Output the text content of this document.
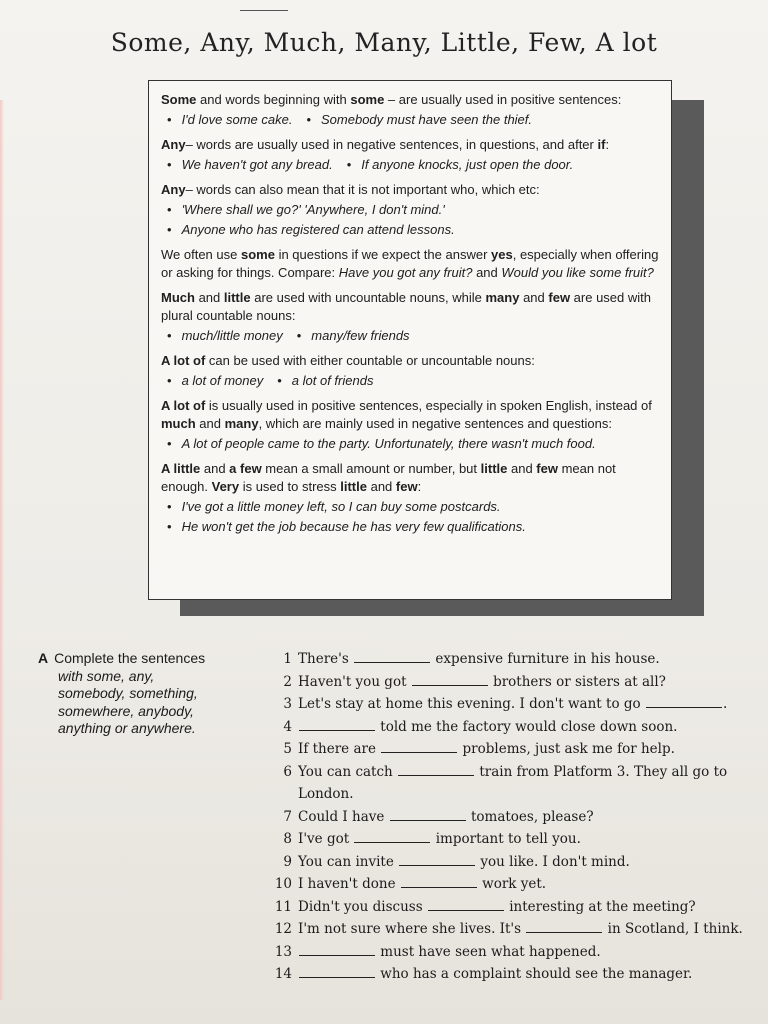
Some, Any, Much, Many, Little, Few, A lot

Some and words beginning with some – are usually used in positive sentences:

• I'd love some cake. • Somebody must have seen the thief.

Any– words are usually used in negative sentences, in questions, and after if:

• We haven't got any bread. • If anyone knocks, just open the door.

Any– words can also mean that it is not important who, which etc:

• 'Where shall we go?' 'Anywhere, I don't mind.'
• Anyone who has registered can attend lessons.

We often use some in questions if we expect the answer yes, especially when offering or asking for things. Compare: Have you got any fruit? and Would you like some fruit?

Much and little are used with uncountable nouns, while many and few are used with plural countable nouns:

• much/little money • many/few friends

A lot of can be used with either countable or uncountable nouns:

• a lot of money • a lot of friends

A lot of is usually used in positive sentences, especially in spoken English, instead of much and many, which are mainly used in negative sentences and questions:

• A lot of people came to the party. Unfortunately, there wasn't much food.

A little and a few mean a small amount or number, but little and few mean not enough. Very is used to stress little and few:

• I've got a little money left, so I can buy some postcards.
• He won't get the job because he has very few qualifications.
A Complete the sentences
with some, any,
somebody, something,
somewhere, anybody,
anything or anywhere.
1 There's	expensive furniture in his house.
2 Haven't you got	brothers or sisters at all?
3 Let's stay at home this evening. I don't want to go	.
4	told me the factory would close down soon.
5 If there are	problems, just ask me for help.
6 You can catch	train from Platform 3. They all go to
London.
7 Could I have	tomatoes, please?
8 I've got	important to tell you.
9 You can invite	you like. I don't mind.
10 I haven't done	work yet.
11 Didn't you discuss	interesting at the meeting?
12 I'm not sure where she lives. It's	in Scotland, I think.
13	must have seen what happened.
14	who has a complaint should see the manager.
